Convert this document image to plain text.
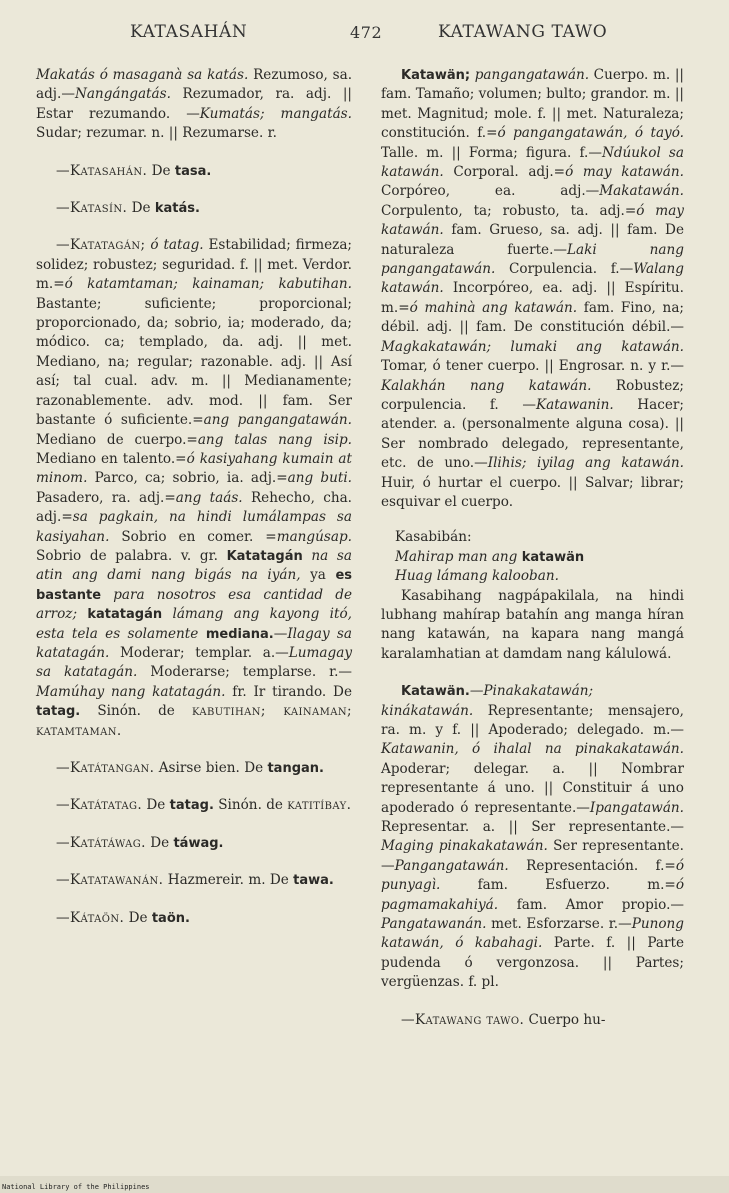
KATASAHÁN	472	KATAWANG TAWO

Makatás ó masaganà sa katás. Rezumoso, sa. adj.—Nangángatás. Rezumador, ra. adj. || Estar rezumando. —Kumatás; mangatás. Sudar; rezumar. n. || Rezumarse. r.

—Katasahán. De tasa.

—Katasín. De katás.

—Katatagán; ó tatag. Estabilidad; firmeza; solidez; robustez; seguridad. f. || met. Verdor. m.=ó katamtaman; kainaman; kabutihan. Bastante; suficiente; proporcional; proporcionado, da; sobrio, ia; moderado, da; módico. ca; templado, da. adj. || met. Mediano, na; regular; razonable. adj. || Así así; tal cual. adv. m. || Medianamente; razonablemente. adv. mod. || fam. Ser bastante ó suficiente.=ang pangangatawán. Mediano de cuerpo.=ang talas nang isip. Mediano en talento.=ó kasiyahang kumain at minom. Parco, ca; sobrio, ia. adj.=ang buti. Pasadero, ra. adj.=ang taás. Rehecho, cha. adj.=sa pagkain, na hindi lumálampas sa kasiyahan. Sobrio en comer. =mangúsap. Sobrio de palabra. v. gr. Katatagán na sa atin ang dami nang bigás na iyán, ya es bastante para nosotros esa cantidad de arroz; katatagán lámang ang kayong itó, esta tela es solamente mediana.—Ilagay sa katatagán. Moderar; templar. a.—Lumagay sa katatagán. Moderarse; templarse. r.—Mamúhay nang katatagán. fr. Ir tirando. De tatag. Sinón. de kabutihan; kainaman; katamtaman.

—Katátangan. Asirse bien. De tangan.

—Katátatag. De tatag. Sinón. de katitíbay.

—Katátáwag. De táwag.

—Katatawanán. Hazmereir. m. De tawa.

—Kátaön. De taön.

Katawän; pangangatawán. Cuerpo. m. || fam. Tamaño; volumen; bulto; grandor. m. || met. Magnitud; mole. f. || met. Naturaleza; constitución. f.=ó pangangatawán, ó tayó. Talle. m. || Forma; figura. f.—Ndúukol sa katawán. Corporal. adj.=ó may katawán. Corpóreo, ea. adj.—Makatawán. Corpulento, ta; robusto, ta. adj.=ó may katawán. fam. Grueso, sa. adj. || fam. De naturaleza fuerte.—Laki nang pangangatawán. Corpulencia. f.—Walang katawán. Incorpóreo, ea. adj. || Espíritu. m.=ó mahinà ang katawán. fam. Fino, na; débil. adj. || fam. De constitución débil.—Magkakatawán; lumaki ang katawán. Tomar, ó tener cuerpo. || Engrosar. n. y r.—Kalakhán nang katawán. Robustez; corpulencia. f. —Katawanin. Hacer; atender. a. (personalmente alguna cosa). || Ser nombrado delegado, representante, etc. de uno.—Ilihis; iyilag ang katawán. Huir, ó hurtar el cuerpo. || Salvar; librar; esquivar el cuerpo.

Kasabibán:
Mahirap man ang katawän
Huag lámang kalooban.

Kasabihang nagpápakilala, na hindi lubhang mahírap batahín ang manga híran nang katawán, na kapara nang mangá karalamhatian at damdam nang kálulowá.

Katawän.—Pinakakatawán; kinákatawán. Representante; mensajero, ra. m. y f. || Apoderado; delegado. m.—Katawanin, ó ihalal na pinakakatawán. Apoderar; delegar. a. || Nombrar representante á uno. || Constituir á uno apoderado ó representante.—Ipangatawán. Representar. a. || Ser representante.—Maging pinakakatawán. Ser representante.—Pangangatawán. Representación. f.=ó punyagì. fam. Esfuerzo. m.=ó pagmamakahiyá. fam. Amor propio.—Pangatawanán. met. Esforzarse. r.—Punong katawán, ó kabahagi. Parte. f. || Parte pudenda ó vergonzosa. || Partes; vergüenzas. f. pl.

—Katawang tawo. Cuerpo hu-

National Library of the Philippines
